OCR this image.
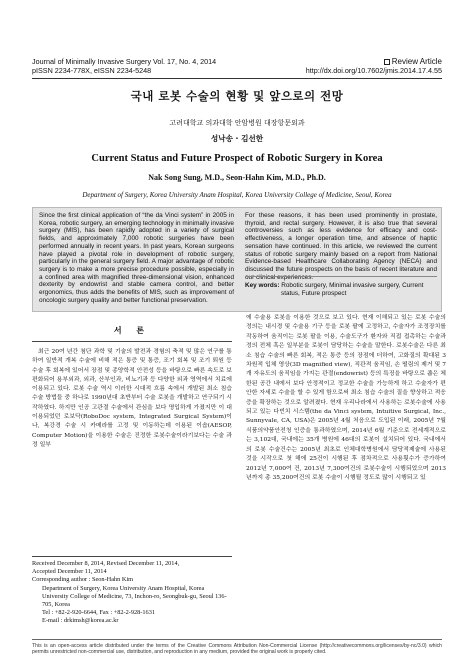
Journal of Minimally Invasive Surgery Vol. 17, No. 4, 2014
pISSN 2234-778X, eISSN 2234-5248
Review Article
http://dx.doi.org/10.7602/jmis.2014.17.4.55
국내 로봇 수술의 현황 및 앞으로의 전망
고려대학교 의과대학 안암병원 대장항문외과
성낙송 · 김선한
Current Status and Future Prospect of Robotic Surgery in Korea
Nak Song Sung, M.D., Seon-Hahn Kim, M.D., Ph.D.
Department of Surgery, Korea University Anam Hospital, Korea University College of Medicine, Seoul, Korea
Since the first clinical application of “the da Vinci system” in 2005 in Korea, robotic surgery, an emerging technology in minimally invasive surgery (MIS), has been rapidly adopted in a variety of surgical fields, and approximately 7,000 robotic surgeries have been performed annually in recent years. In past years, Korean surgeons have played a pivotal role in development of robotic surgery, particularly in the general surgery field. A major advantage of robotic surgery is to make a more precise procedure possible, especially in a confined area with magnified three-dimensional vision, enhanced dexterity by endowrist and stable camera control, and better ergonomics, thus adds the benefits of MIS, such as improvement of oncologic surgery quality and better functional preservation.
For these reasons, it has been used prominently in prostate, thyroid, and rectal surgery. However, it is also true that several controversies such as less evidence for efficacy and cost-effectiveness, a longer operation time, and absence of haptic sensation have continued. In this article, we reviewed the current status of robotic surgery mainly based on a report from National Evidence-based Healthcare Collaborating Agency (NECA) and discussed the future prospects on the basis of recent literature and our clinical experiences.
Key words: Robotic surgery, Minimal invasive surgery, Current status, Future prospect
서 론
최근 20여 년간 첨단 과학 및 기술의 발전과 경험의 축적 및 많은 연구를 통하여 일반적 개복 수술에 비해 적은 통증 및 통증, 조기 회복 및 조기 퇴원 등 수술 후 회복에 있어서 장점 및 종양학적 안전성 등을 바탕으로 빠른 속도로 보편화되어 용부외과, 외과, 산부인과, 비뇨기과 등 다양한 외과 영역에서 치료에 이용되고 있다. 로봇 수술 역시 이러한 시대적 흐름 속에서 개발된 최소 침습 수술 방법들 중 하나로 1990년대 초반부터 수술 로봇을 개발하고 연구되기 시작하였다. 하지만 인공 고관절 수술에서 관심을 보다 명입하게 가졌지만 이 대 이용되었던 로보닥(RoboDoc system, Integrated Surgical System)이나, 복강경 수술 시 카메라를 고정 및 이동하는데 이용된 이솝(AESOP, Computer Motion)을 이용한 수술은 진정한 로봇수술이라기보다는 수술 과정 일부
에 수술용 로봇을 이용한 것으로 보고 있다. 현재 이해되고 있는 로봇 수술의 정의는 내시경 및 수술용 기구 등을 로봇 팔에 고정하고, 수술자가 조정장치를 작동하여 움직이는 로봇 팔을 이용, 수술도구가 환자와 직접 접촉하는 수술과정의 전체 혹은 일부분을 로봇이 담당하는 수술을 말한다. 로봇수술은 다른 최소 침습 수술의 빠른 회복, 적은 통증 등의 장점에 더하여, 고화질의 확대된 3차원적 입체 영상(3D magnified view), 직관적 움직임, 손 떨림의 제거 및 7개 자유도의 움직임을 가지는 관절(endowrist) 등의 특징을 바탕으로 좁은 체한된 공간 내에서 보다 안정적이고 정교한 수술을 가능하게 하고 수술자가 편안한 자세로 수술을 할 수 있게 함으로써 최소 침습 수술의 질을 향상하고 적응증을 확장하는 것으로 알려졌다. 현재 우리나라에서 사용하는 로봇수술에 사용되고 있는 다빈치 시스템(the da Vinci system, Intuitive Surgical, Inc., Sunnyvale, CA, USA)은 2005년 4월 처음으로 도입된 이래, 2005년 7월 식품의약품안전청 인증을 통과하였으며, 2014년 6월 기준으로 전세계적으로는 3,102대, 국내에는 35개 병원에 46대의 로봇이 설치되어 있다. 국내에서의 로봇 수술건수는 2005년 최초로 인체대학병원에서 담당적제술에 사용된 것을 시작으로 첫 해에 25건이 시행된 후 점차적으로 사용횟수가 증가하여 2012년 7,000여 건, 2013년 7,300여건의 로봇수술이 시행되었으며 2013년까지 총 35,200여건의 로봇 수술이 시행될 정도로 많이 시행되고 있
Received December 8, 2014, Revised December 11, 2014,
Accepted December 11, 2014
Corresponding author : Seon-Hahn Kim
Department of Surgery, Korea University Anam Hospital, Korea University College of Medicine, 73, Inchon-ro, Seongbuk-gu, Seoul 136-705, Korea
Tel : +82-2-920-6644, Fax : +82-2-928-1631
E-mail : drkimsh@korea.ac.kr
This is an open-access article distributed under the terms of the Creative Commons Attribution Non-Commercial License (http://creativecommons.org/licenses/by-nc/3.0) which permits unrestricted non-commercial use, distribution, and reproduction in any medium, provided the original work is properly cited.
